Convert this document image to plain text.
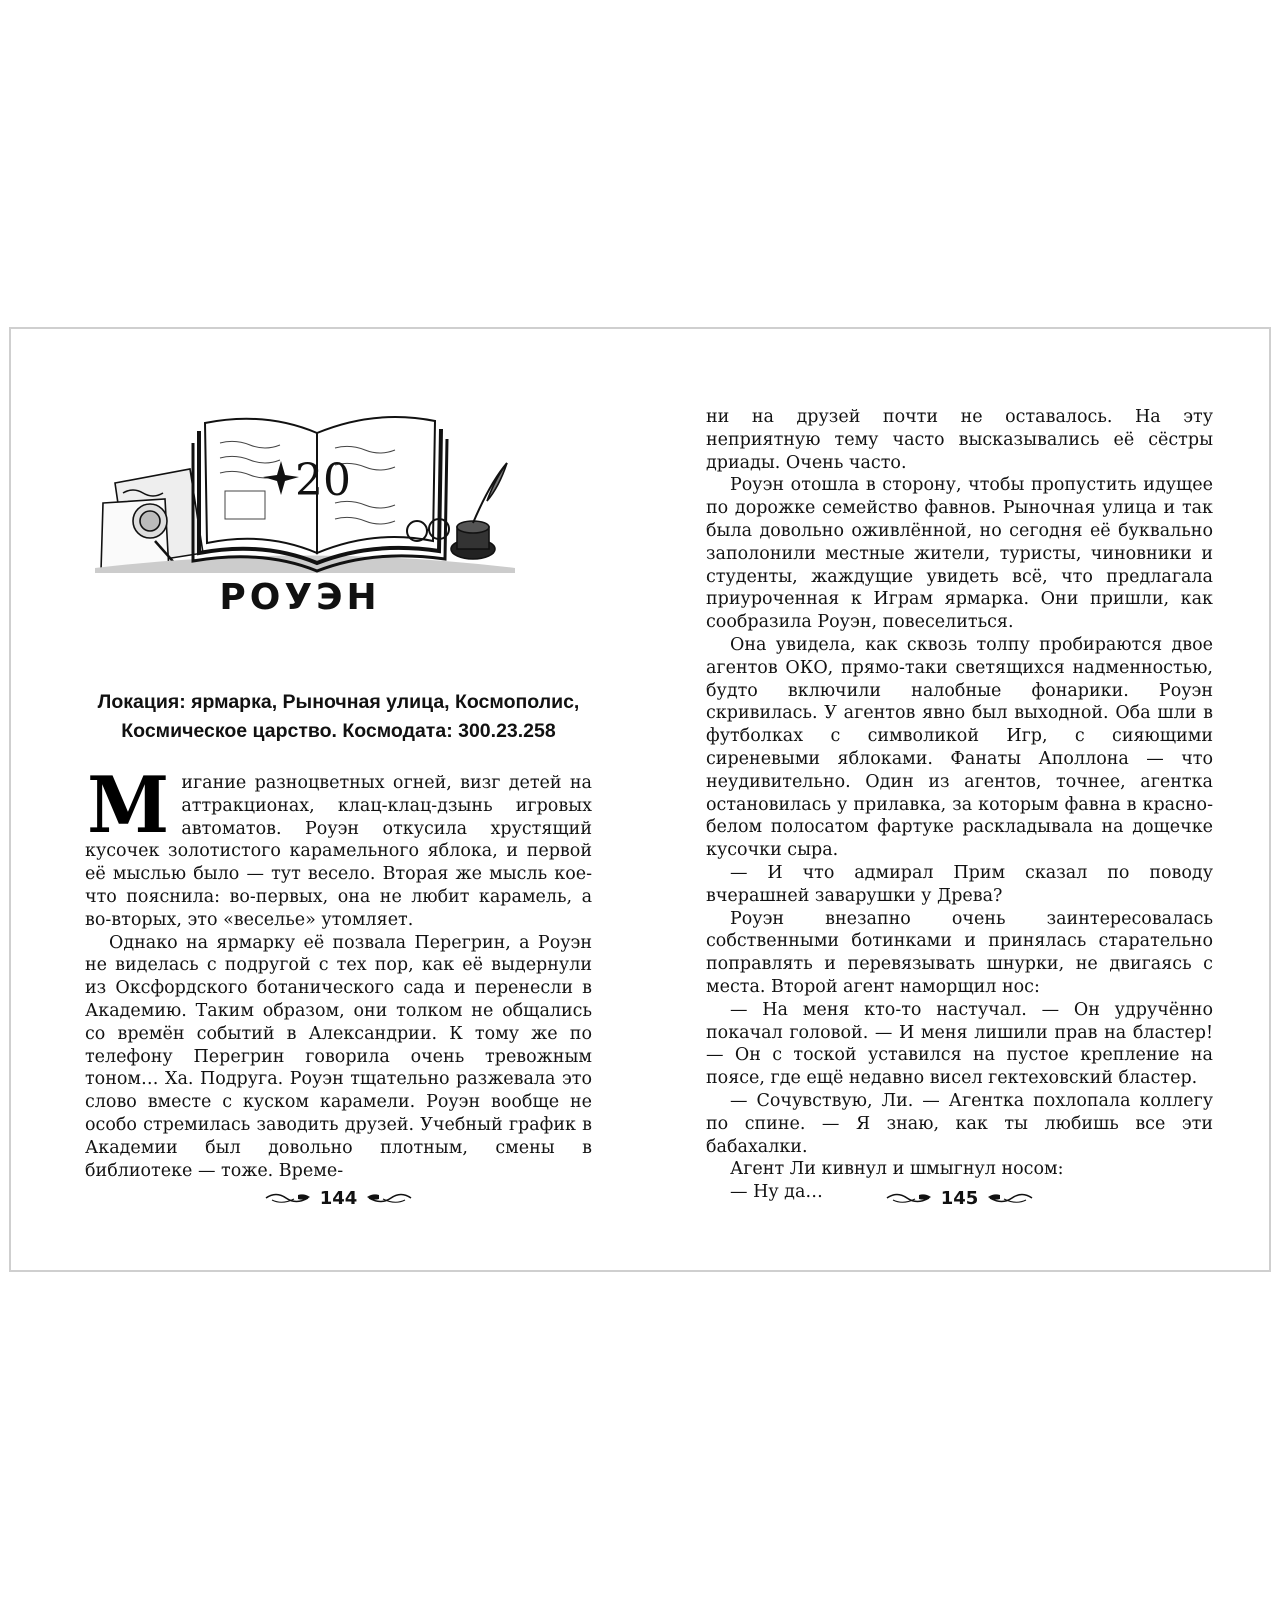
20
РОУЭН
Локация: ярмарка, Рыночная улица, Космополис,
Космическое царство. Космодата: 300.23.258

Мигание разноцветных огней, визг детей на аттракционах, клац-клац-дзынь игровых автоматов. Роуэн откусила хрустящий кусочек золотистого карамельного яблока, и первой её мыслью было — тут весело. Вторая же мысль кое-что пояснила: во-первых, она не любит карамель, а во-вторых, это «веселье» утомляет.

Однако на ярмарку её позвала Перегрин, а Роуэн не виделась с подругой с тех пор, как её выдернули из Оксфордского ботанического сада и перенесли в Академию. Таким образом, они толком не общались со времён событий в Александрии. К тому же по телефону Перегрин говорила очень тревожным тоном… Ха. Подруга. Роуэн тщательно разжевала это слово вместе с куском карамели. Роуэн вообще не особо стремилась заводить друзей. Учебный график в Академии был довольно плотным, смены в библиотеке — тоже. Време-

144

ни на друзей почти не оставалось. На эту неприятную тему часто высказывались её сёстры дриады. Очень часто.

Роуэн отошла в сторону, чтобы пропустить идущее по дорожке семейство фавнов. Рыночная улица и так была довольно оживлённой, но сегодня её буквально заполонили местные жители, туристы, чиновники и студенты, жаждущие увидеть всё, что предлагала приуроченная к Играм ярмарка. Они пришли, как сообразила Роуэн, повеселиться.

Она увидела, как сквозь толпу пробираются двое агентов ОКО, прямо-таки светящихся надменностью, будто включили налобные фонарики. Роуэн скривилась. У агентов явно был выходной. Оба шли в футболках с символикой Игр, с сияющими сиреневыми яблоками. Фанаты Аполлона — что неудивительно. Один из агентов, точнее, агентка остановилась у прилавка, за которым фавна в красно-белом полосатом фартуке раскладывала на дощечке кусочки сыра.

— И что адмирал Прим сказал по поводу вчерашней заварушки у Древа?

Роуэн внезапно очень заинтересовалась собственными ботинками и принялась старательно поправлять и перевязывать шнурки, не двигаясь с места. Второй агент наморщил нос:

— На меня кто-то настучал. — Он удручённо покачал головой. — И меня лишили прав на бластер! — Он с тоской уставился на пустое крепление на поясе, где ещё недавно висел гектеховский бластер.

— Сочувствую, Ли. — Агентка похлопала коллегу по спине. — Я знаю, как ты любишь все эти бабахалки.

Агент Ли кивнул и шмыгнул носом:

— Ну да…	145
